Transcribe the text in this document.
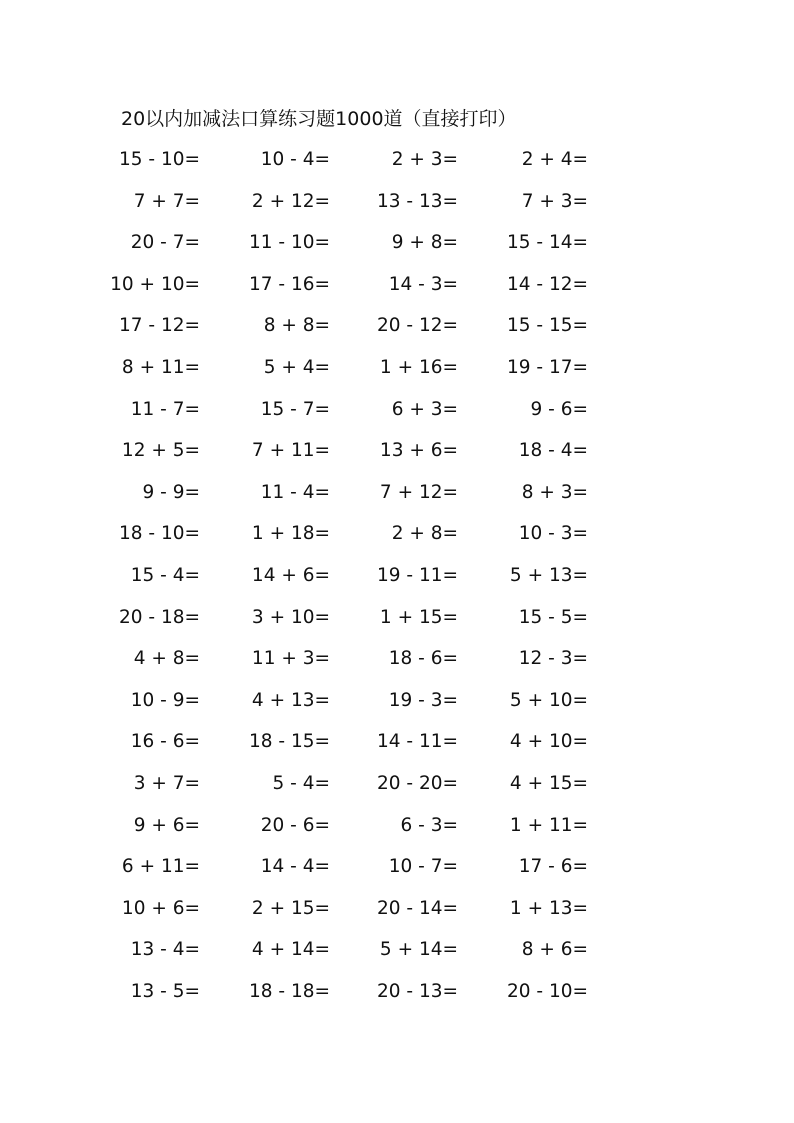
20以内加减法口算练习题1000道（直接打印）
15 - 10=	10 - 4=	2 + 3=	2 + 4=
7 + 7=	2 + 12=	13 - 13=	7 + 3=
20 - 7=	11 - 10=	9 + 8=	15 - 14=
10 + 10=	17 - 16=	14 - 3=	14 - 12=
17 - 12=	8 + 8=	20 - 12=	15 - 15=
8 + 11=	5 + 4=	1 + 16=	19 - 17=
11 - 7=	15 - 7=	6 + 3=	9 - 6=
12 + 5=	7 + 11=	13 + 6=	18 - 4=
9 - 9=	11 - 4=	7 + 12=	8 + 3=
18 - 10=	1 + 18=	2 + 8=	10 - 3=
15 - 4=	14 + 6=	19 - 11=	5 + 13=
20 - 18=	3 + 10=	1 + 15=	15 - 5=
4 + 8=	11 + 3=	18 - 6=	12 - 3=
10 - 9=	4 + 13=	19 - 3=	5 + 10=
16 - 6=	18 - 15=	14 - 11=	4 + 10=
3 + 7=	5 - 4=	20 - 20=	4 + 15=
9 + 6=	20 - 6=	6 - 3=	1 + 11=
6 + 11=	14 - 4=	10 - 7=	17 - 6=
10 + 6=	2 + 15=	20 - 14=	1 + 13=
13 - 4=	4 + 14=	5 + 14=	8 + 6=
13 - 5=	18 - 18=	20 - 13=	20 - 10=
